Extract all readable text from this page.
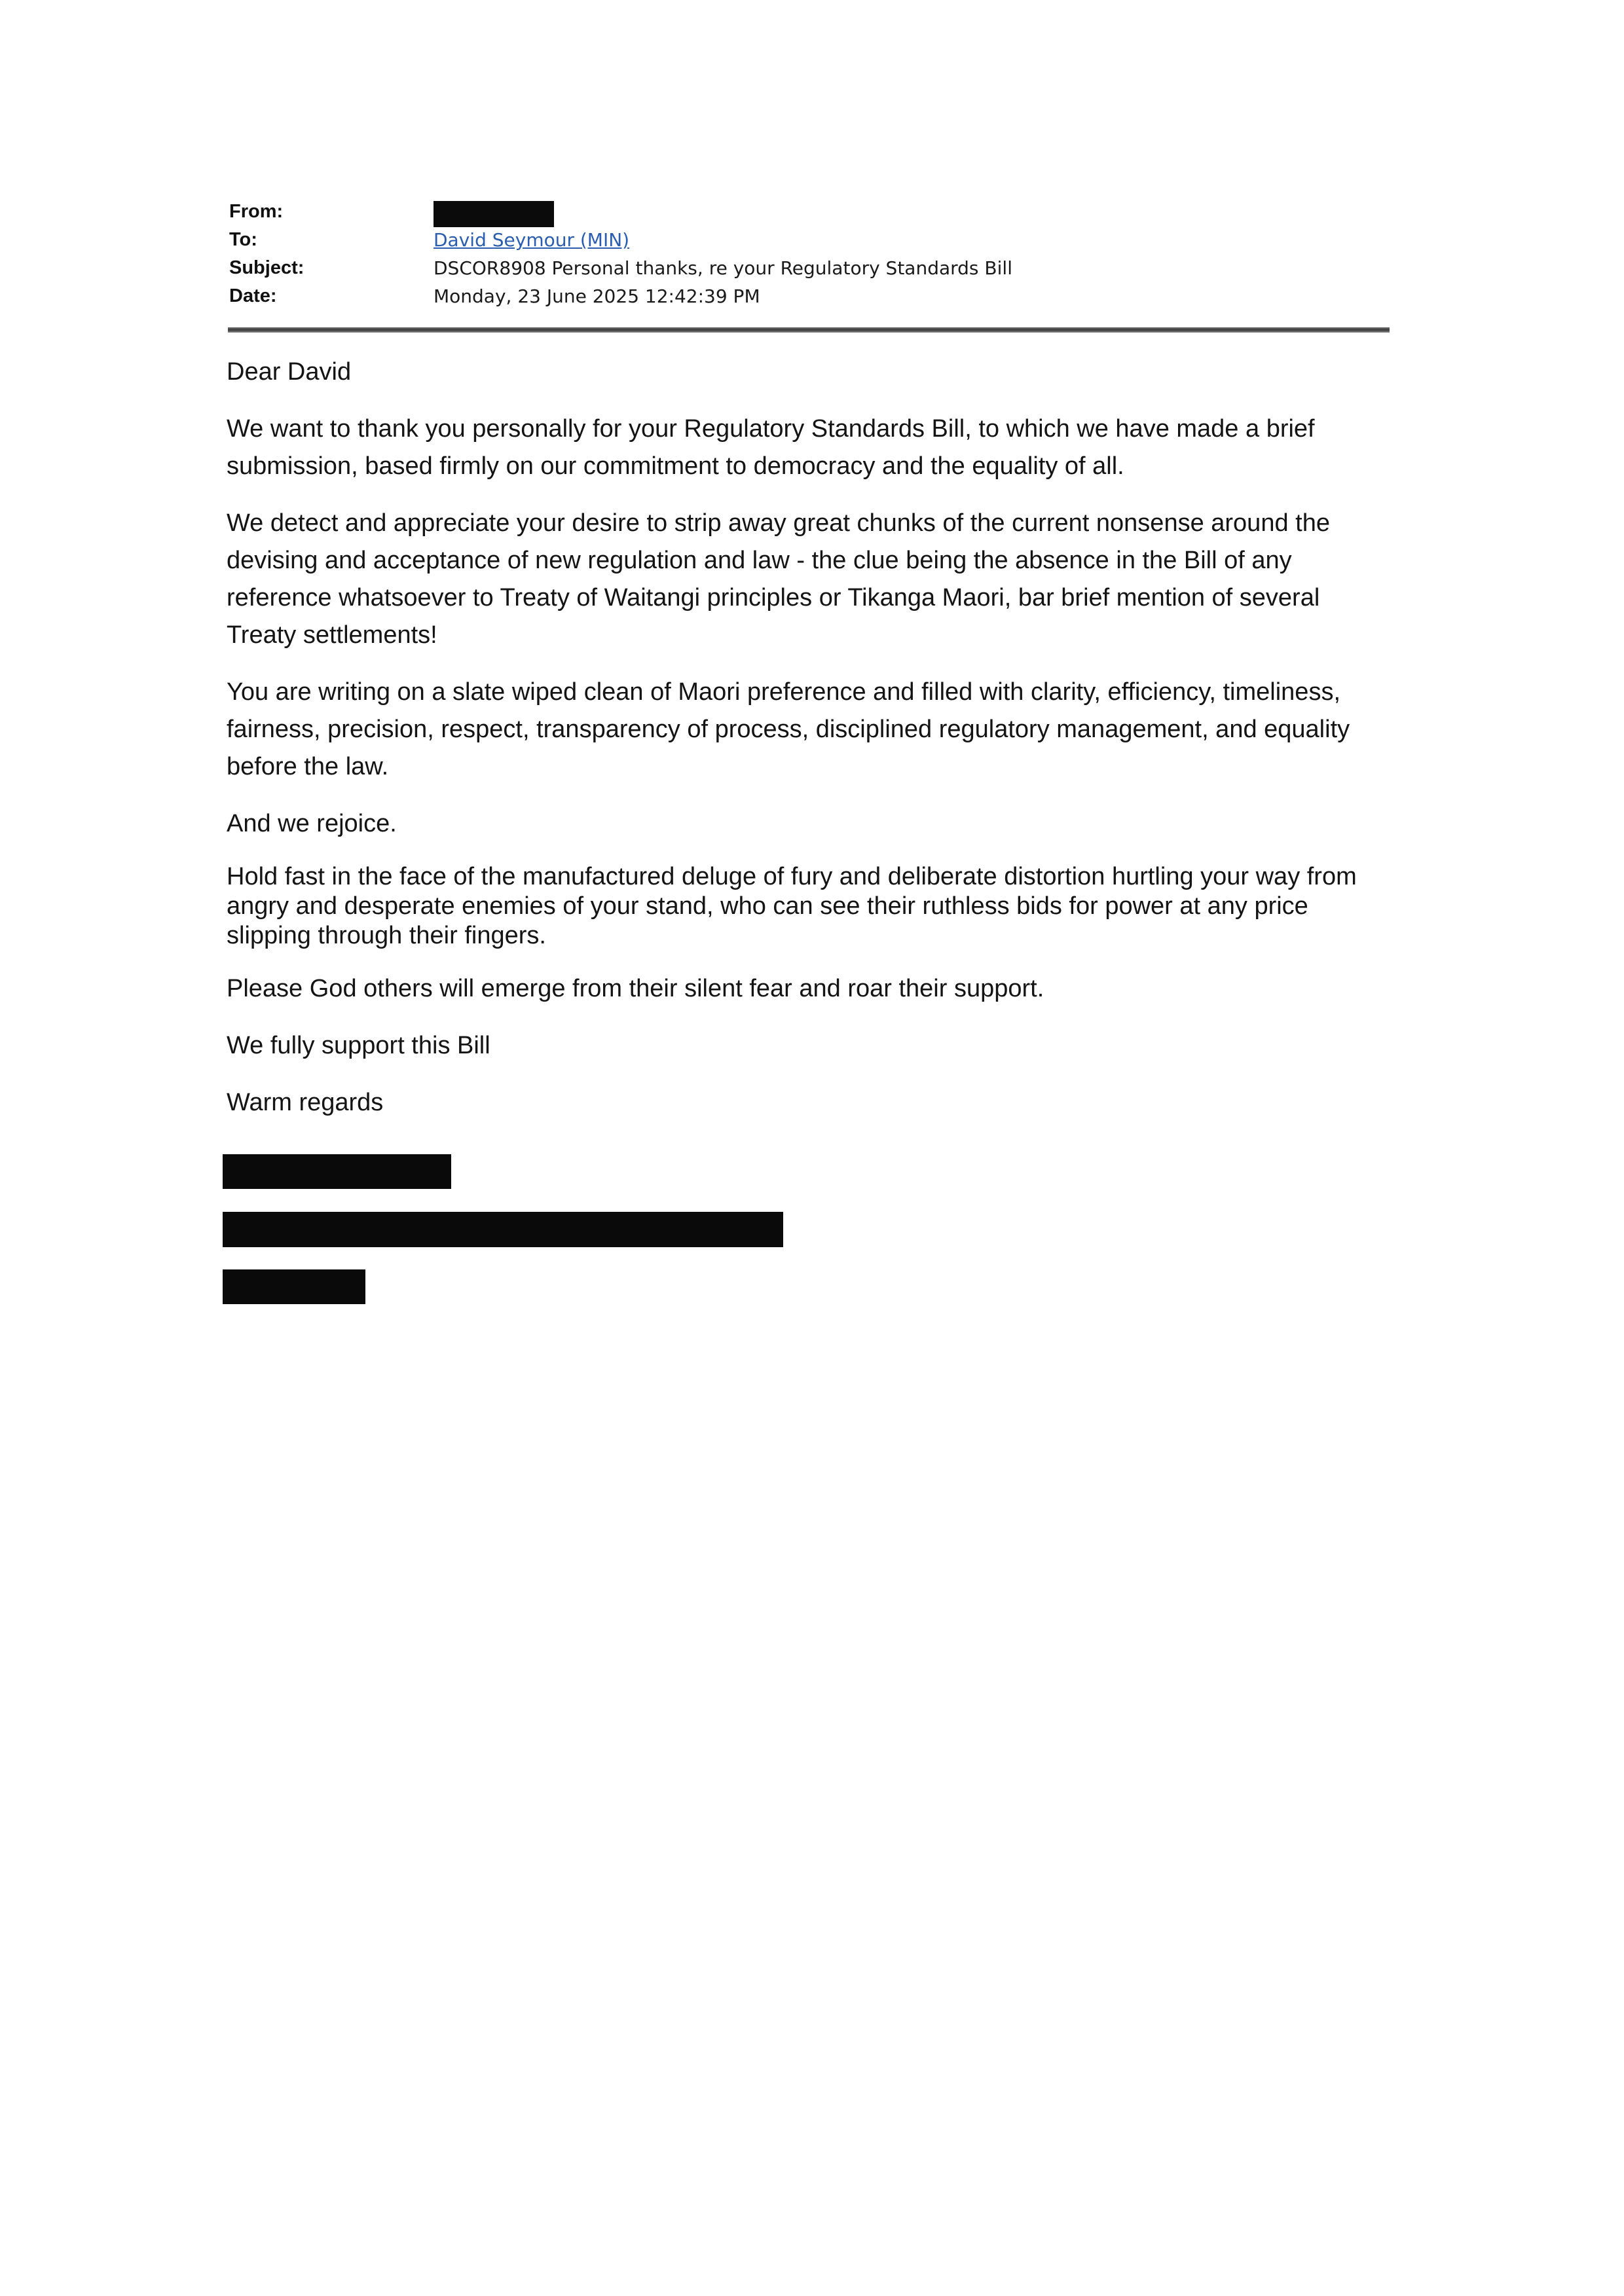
From:
To:	David Seymour (MIN)
Subject:	DSCOR8908 Personal thanks, re your Regulatory Standards Bill
Date:	Monday, 23 June 2025 12:42:39 PM

Dear David

We want to thank you personally for your Regulatory Standards Bill, to which we have made a brief submission, based firmly on our commitment to democracy and the equality of all.

We detect and appreciate your desire to strip away great chunks of the current nonsense around the devising and acceptance of new regulation and law - the clue being the absence in the Bill of any reference whatsoever to Treaty of Waitangi principles or Tikanga Maori, bar brief mention of several Treaty settlements!

You are writing on a slate wiped clean of Maori preference and filled with clarity, efficiency, timeliness, fairness, precision, respect, transparency of process, disciplined regulatory management, and equality before the law.

And we rejoice.

Hold fast in the face of the manufactured deluge of fury and deliberate distortion hurtling your way from angry and desperate enemies of your stand, who can see their ruthless bids for power at any price slipping through their fingers.

Please God others will emerge from their silent fear and roar their support.

We fully support this Bill

Warm regards
